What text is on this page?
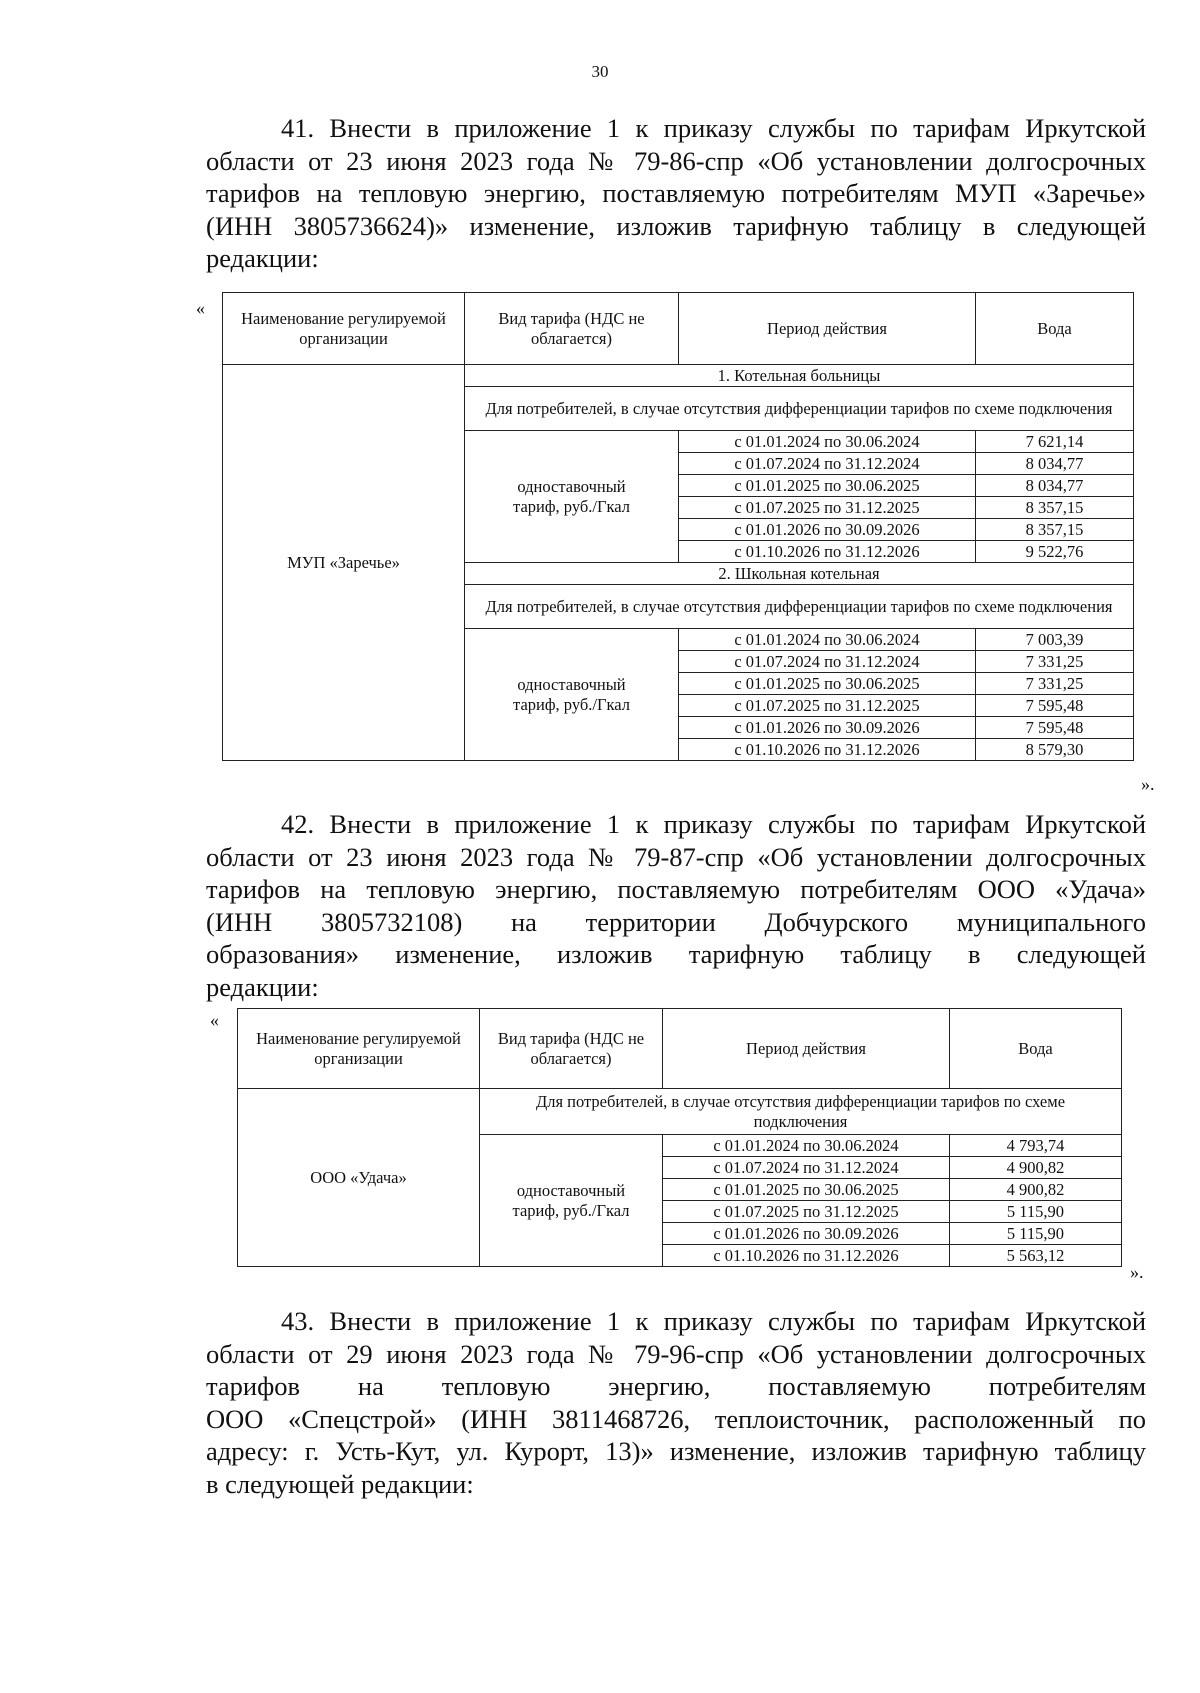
30
41. Внести в приложение 1 к приказу службы по тарифам Иркутской
области от 23 июня 2023 года № 79-86-спр «Об установлении долгосрочных
тарифов на тепловую энергию, поставляемую потребителям МУП «Заречье»
(ИНН 3805736624)» изменение, изложив тарифную таблицу в следующей
редакции:
« Наименование регулируемой организации	Вид тарифа (НДС не облагается)	Период действия	Вода
МУП «Заречье»	1. Котельная больницы		
	Для потребителей, в случае отсутствия дифференциации тарифов по схеме подключения		
	одноставочный тариф, руб./Гкал	с 01.01.2024 по 30.06.2024	7 621,14
		с 01.07.2024 по 31.12.2024	8 034,77
		с 01.01.2025 по 30.06.2025	8 034,77
		с 01.07.2025 по 31.12.2025	8 357,15
		с 01.01.2026 по 30.09.2026	8 357,15
		с 01.10.2026 по 31.12.2026	9 522,76
	2. Школьная котельная		
	Для потребителей, в случае отсутствия дифференциации тарифов по схеме подключения		
	одноставочный тариф, руб./Гкал	с 01.01.2024 по 30.06.2024	7 003,39
		с 01.07.2024 по 31.12.2024	7 331,25
		с 01.01.2025 по 30.06.2025	7 331,25
		с 01.07.2025 по 31.12.2025	7 595,48
		с 01.01.2026 по 30.09.2026	7 595,48
		с 01.10.2026 по 31.12.2026	8 579,30
».
42. Внести в приложение 1 к приказу службы по тарифам Иркутской
области от 23 июня 2023 года № 79-87-спр «Об установлении долгосрочных
тарифов на тепловую энергию, поставляемую потребителям ООО «Удача»
(ИНН 3805732108) на территории Добчурского муниципального
образования» изменение, изложив тарифную таблицу в следующей
редакции:
«
Наименование регулируемой организации	Вид тарифа (НДС не облагается)	Период действия	Вода
ООО «Удача»	Для потребителей, в случае отсутствия дифференциации тарифов по схеме подключения		
	одноставочный тариф, руб./Гкал	с 01.01.2024 по 30.06.2024	4 793,74
		с 01.07.2024 по 31.12.2024	4 900,82
		с 01.01.2025 по 30.06.2025	4 900,82
		с 01.07.2025 по 31.12.2025	5 115,90
		с 01.01.2026 по 30.09.2026	5 115,90
		с 01.10.2026 по 31.12.2026	5 563,12
».
43. Внести в приложение 1 к приказу службы по тарифам Иркутской
области от 29 июня 2023 года № 79-96-спр «Об установлении долгосрочных
тарифов на тепловую энергию, поставляемую потребителям
ООО «Спецстрой» (ИНН 3811468726, теплоисточник, расположенный по
адресу: г. Усть-Кут, ул. Курорт, 13)» изменение, изложив тарифную таблицу
в следующей редакции:
